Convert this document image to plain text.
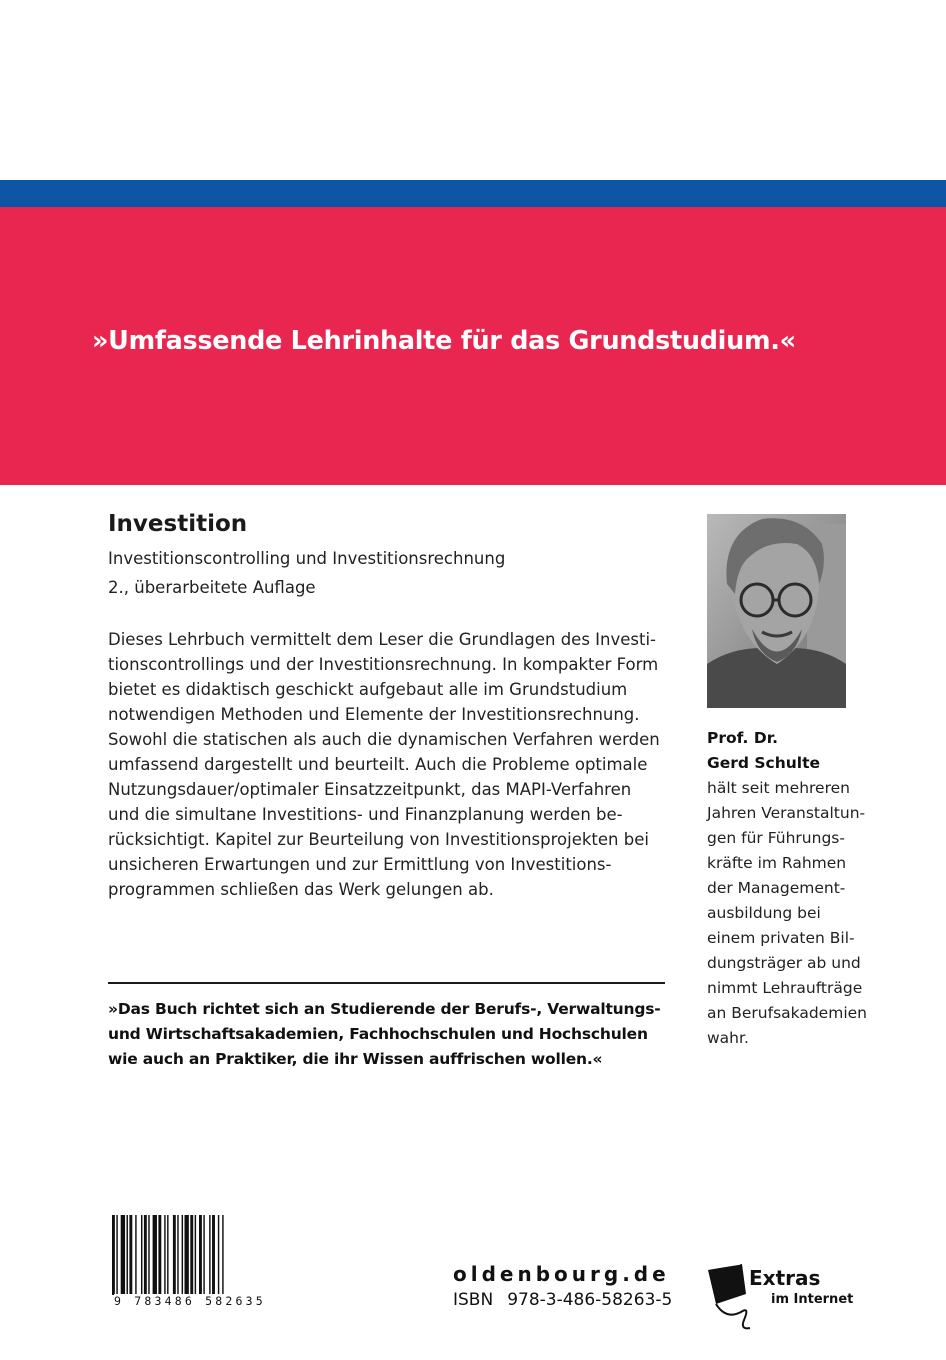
»Umfassende Lehrinhalte für das Grundstudium.«
Investition
Investitionscontrolling und Investitionsrechnung
2., überarbeitete Auflage
Dieses Lehrbuch vermittelt dem Leser die Grundlagen des Investi-
tionscontrollings und der Investitionsrechnung. In kompakter Form
bietet es didaktisch geschickt aufgebaut alle im Grundstudium
notwendigen Methoden und Elemente der Investitionsrechnung.
Sowohl die statischen als auch die dynamischen Verfahren werden
umfassend dargestellt und beurteilt. Auch die Probleme optimale
Nutzungsdauer/optimaler Einsatzzeitpunkt, das MAPI-Verfahren
und die simultane Investitions- und Finanzplanung werden be-
rücksichtigt. Kapitel zur Beurteilung von Investitionsprojekten bei
unsicheren Erwartungen und zur Ermittlung von Investitions-
programmen schließen das Werk gelungen ab.
»Das Buch richtet sich an Studierende der Berufs-, Verwaltungs-
und Wirtschaftsakademien, Fachhochschulen und Hochschulen
wie auch an Praktiker, die ihr Wissen auffrischen wollen.«
Prof. Dr.
Gerd Schulte
hält seit mehreren
Jahren Veranstaltun-
gen für Führungs-
kräfte im Rahmen
der Management-
ausbildung bei
einem privaten Bil-
dungsträger ab und
nimmt Lehraufträge
an Berufsakademien
wahr.
9 783486 582635
oldenbourg.de
ISBN 978-3-486-58263-5
Extras
im Internet
